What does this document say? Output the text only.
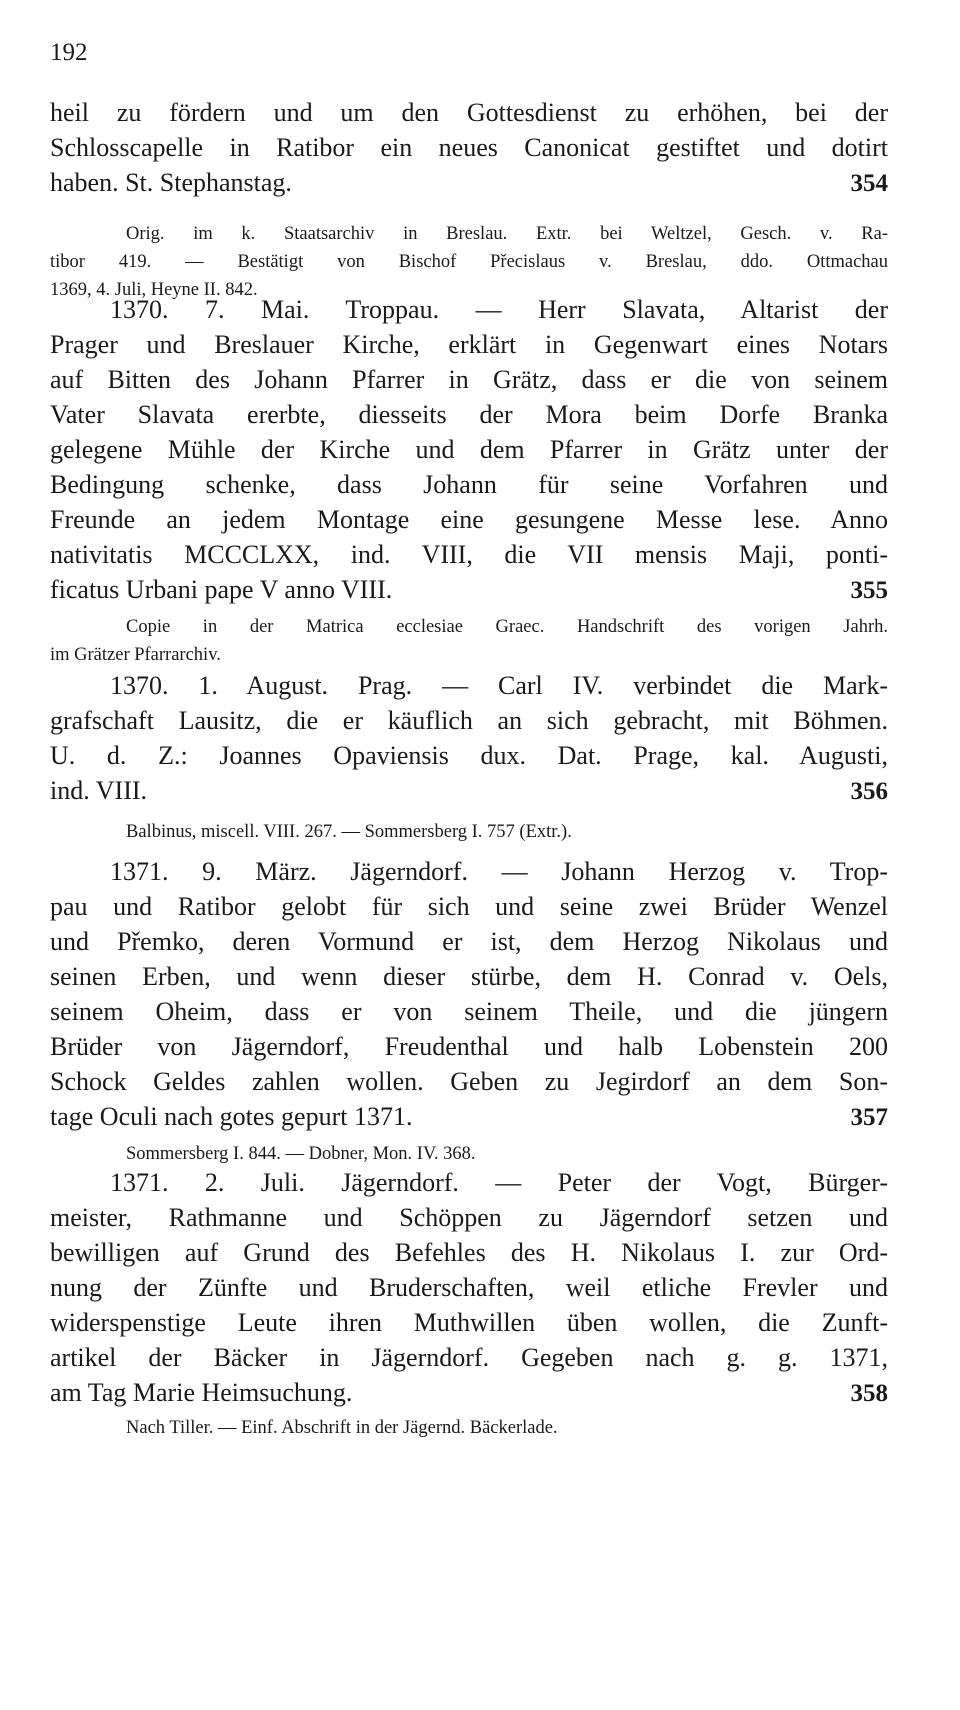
192
heil zu fördern und um den Gottesdienst zu erhöhen, bei der
Schlosscapelle in Ratibor ein neues Canonicat gestiftet und dotirt
haben. St. Stephanstag.	354
Orig. im k. Staatsarchiv in Breslau. Extr. bei Weltzel, Gesch. v. Ra-
tibor 419. — Bestätigt von Bischof Přecislaus v. Breslau, ddo. Ottmachau
1369, 4. Juli, Heyne II. 842.
1370. 7. Mai. Troppau. — Herr Slavata, Altarist der
Prager und Breslauer Kirche, erklärt in Gegenwart eines Notars
auf Bitten des Johann Pfarrer in Grätz, dass er die von seinem
Vater Slavata ererbte, diesseits der Mora beim Dorfe Branka
gelegene Mühle der Kirche und dem Pfarrer in Grätz unter der
Bedingung schenke, dass Johann für seine Vorfahren und
Freunde an jedem Montage eine gesungene Messe lese. Anno
nativitatis MCCCLXX, ind. VIII, die VII mensis Maji, ponti-
ficatus Urbani pape V anno VIII.	355
Copie in der Matrica ecclesiae Graec. Handschrift des vorigen Jahrh.
im Grätzer Pfarrarchiv.
1370. 1. August. Prag. — Carl IV. verbindet die Mark-
grafschaft Lausitz, die er käuflich an sich gebracht, mit Böhmen.
U. d. Z.: Joannes Opaviensis dux. Dat. Prage, kal. Augusti,
ind. VIII.	356
Balbinus, miscell. VIII. 267. — Sommersberg I. 757 (Extr.).
1371. 9. März. Jägerndorf. — Johann Herzog v. Trop-
pau und Ratibor gelobt für sich und seine zwei Brüder Wenzel
und Přemko, deren Vormund er ist, dem Herzog Nikolaus und
seinen Erben, und wenn dieser stürbe, dem H. Conrad v. Oels,
seinem Oheim, dass er von seinem Theile, und die jüngern
Brüder von Jägerndorf, Freudenthal und halb Lobenstein 200
Schock Geldes zahlen wollen. Geben zu Jegirdorf an dem Son-
tage Oculi nach gotes gepurt 1371.	357
Sommersberg I. 844. — Dobner, Mon. IV. 368.
1371. 2. Juli. Jägerndorf. — Peter der Vogt, Bürger-
meister, Rathmanne und Schöppen zu Jägerndorf setzen und
bewilligen auf Grund des Befehles des H. Nikolaus I. zur Ord-
nung der Zünfte und Bruderschaften, weil etliche Frevler und
widerspenstige Leute ihren Muthwillen üben wollen, die Zunft-
artikel der Bäcker in Jägerndorf. Gegeben nach g. g. 1371,
am Tag Marie Heimsuchung.	358
Nach Tiller. — Einf. Abschrift in der Jägernd. Bäckerlade.
